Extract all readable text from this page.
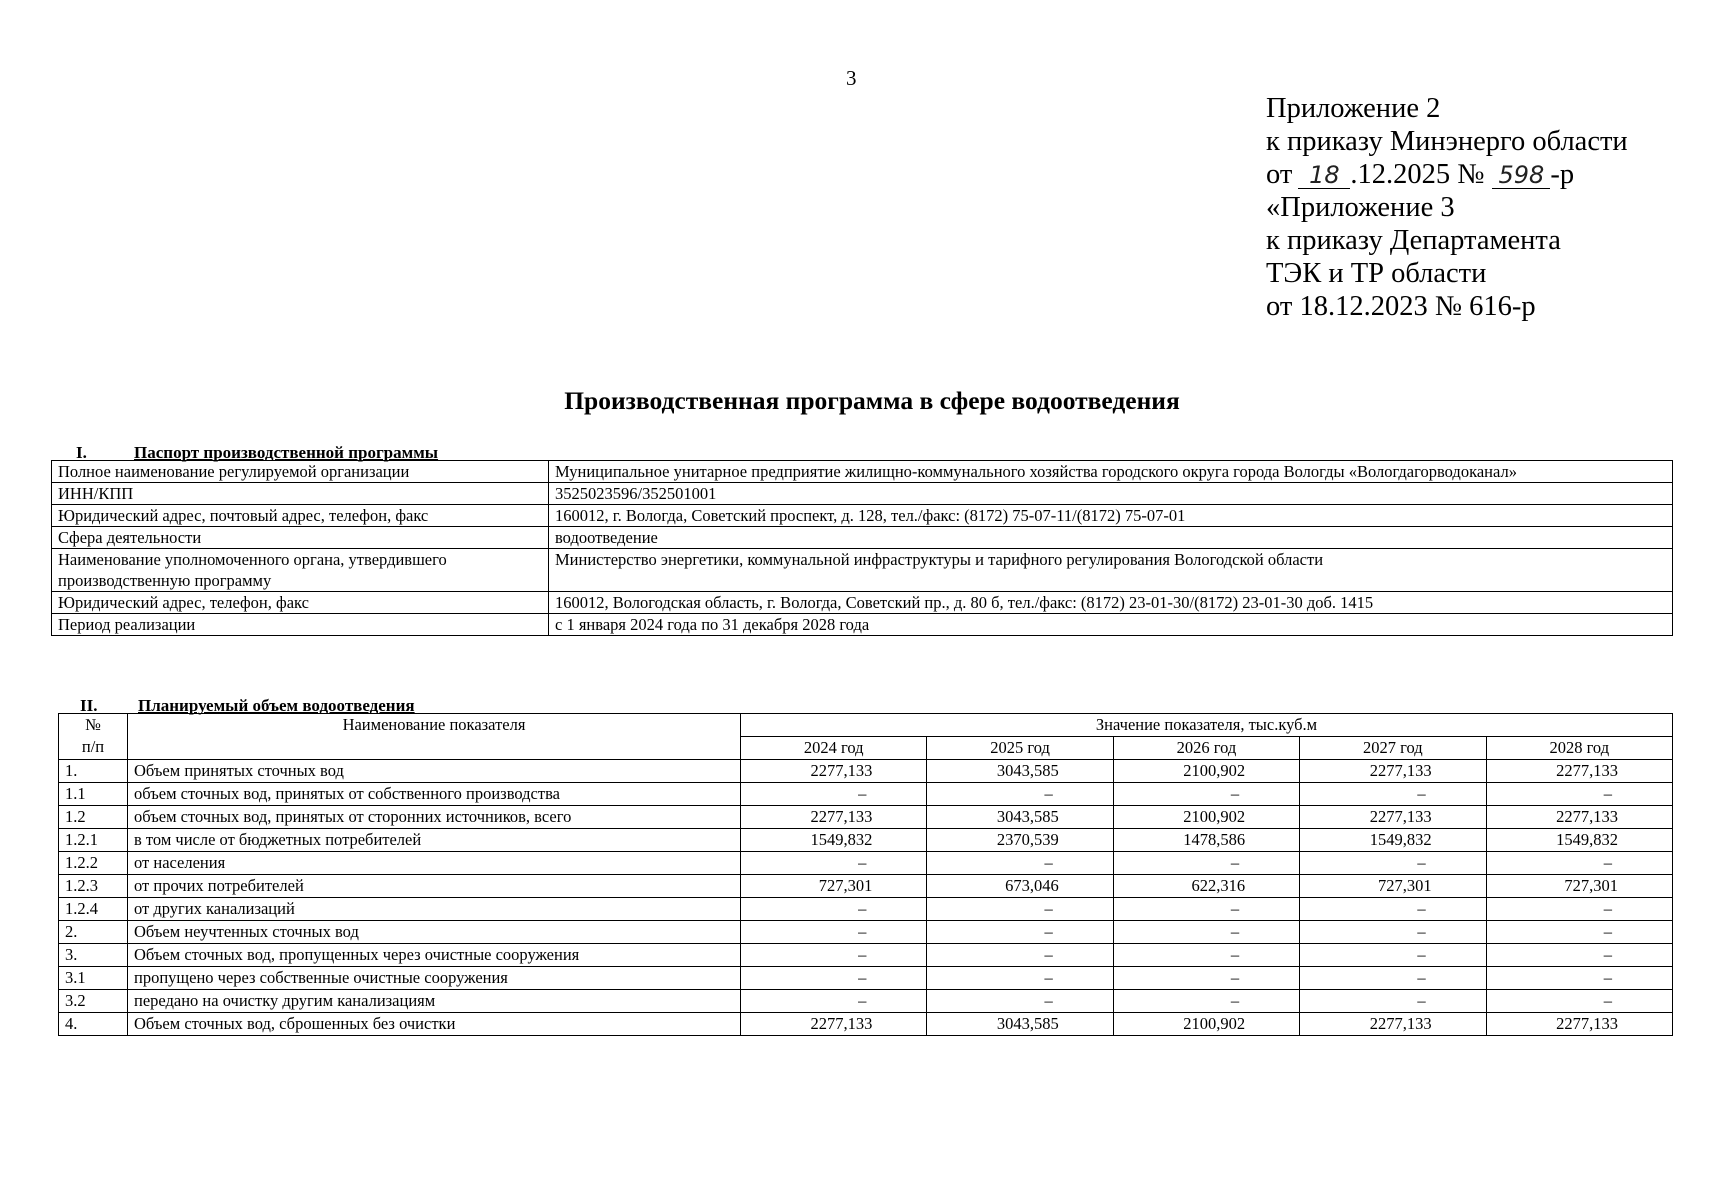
3
Приложение 2
к приказу Минэнерго области
от 18 .12.2025 № 598 -р
«Приложение 3
к приказу Департамента
ТЭК и ТР области
от 18.12.2023 № 616-р
Производственная программа в сфере водоотведения
I.	Паспорт производственной программы
Полное наименование регулируемой организации	Муниципальное унитарное предприятие жилищно-коммунального хозяйства городского округа города Вологды «Вологдагорводоканал»
ИНН/КПП	3525023596/352501001
Юридический адрес, почтовый адрес, телефон, факс	160012, г. Вологда, Советский проспект, д. 128, тел./факс: (8172) 75-07-11/(8172) 75-07-01
Сфера деятельности	водоотведение
Наименование уполномоченного органа, утвердившего производственную программу	Министерство энергетики, коммунальной инфраструктуры и тарифного регулирования Вологодской области
Юридический адрес, телефон, факс	160012, Вологодская область, г. Вологда, Советский пр., д. 80 б, тел./факс: (8172) 23-01-30/(8172) 23-01-30 доб. 1415
Период реализации	с 1 января 2024 года по 31 декабря 2028 года
II. Планируемый объем водоотведения
№
п/п	Наименование показателя	Значение показателя, тыс.куб.м				
		2024 год	2025 год	2026 год	2027 год	2028 год
1.	Объем принятых сточных вод	2277,133	3043,585	2100,902	2277,133	2277,133
1.1	объем сточных вод, принятых от собственного производства	–	–	–	–	–
1.2	объем сточных вод, принятых от сторонних источников, всего	2277,133	3043,585	2100,902	2277,133	2277,133
1.2.1	в том числе от бюджетных потребителей	1549,832	2370,539	1478,586	1549,832	1549,832
1.2.2	от населения	–	–	–	–	–
1.2.3	от прочих потребителей	727,301	673,046	622,316	727,301	727,301
1.2.4	от других канализаций	–	–	–	–	–
2.	Объем неучтенных сточных вод	–	–	–	–	–
3.	Объем сточных вод, пропущенных через очистные сооружения	–	–	–	–	–
3.1	пропущено через собственные очистные сооружения	–	–	–	–	–
3.2	передано на очистку другим канализациям	–	–	–	–	–
4.	Объем сточных вод, сброшенных без очистки	2277,133	3043,585	2100,902	2277,133	2277,133
